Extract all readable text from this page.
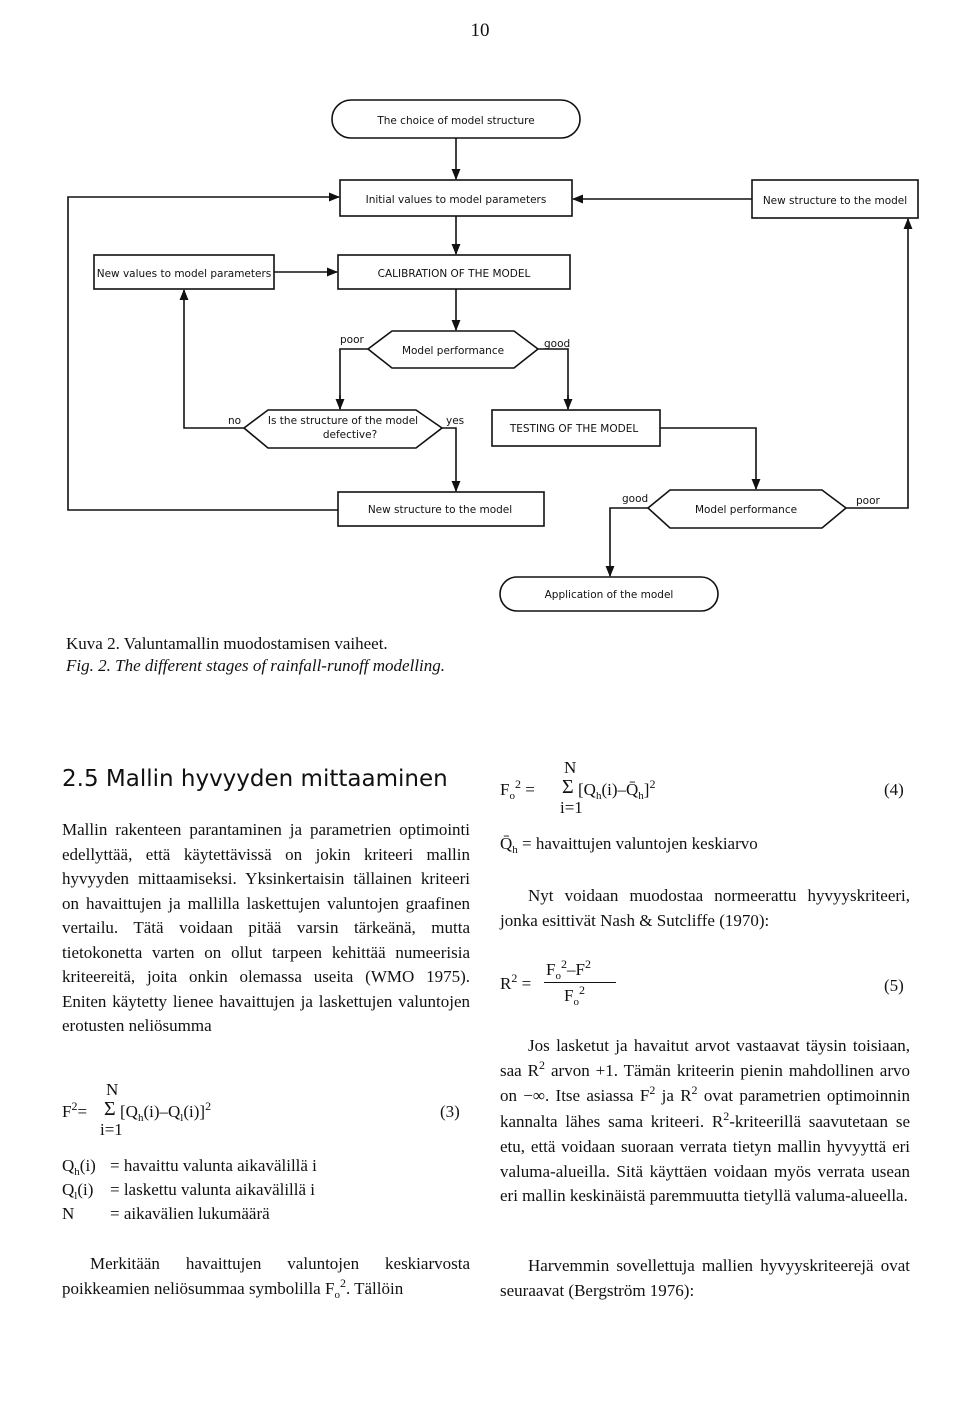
10
The choice of model structure
Initial values to model parameters	New structure to the model
New values to model parameters	CALIBRATION OF THE MODEL
Model performance
poor	good
no	Is the structure of the model
defective?
yes
TESTING OF THE MODEL
New structure to the model
good
Model performance
poor
Application of the model
Kuva 2. Valuntamallin muodostamisen vaiheet.
Fig. 2. The different stages of rainfall-runoff modelling.
2.5 Mallin hyvyyden mittaaminen
Mallin rakenteen parantaminen ja parametrien optimointi edellyttää, että käytettävissä on jokin kriteeri mallin hyvyyden mittaamiseksi. Yksinkertaisin tällainen kriteeri on havaittujen ja mallilla laskettujen valuntojen graafinen vertailu. Tätä voidaan pitää varsin tärkeänä, mutta tietokonetta varten on ollut tarpeen kehittää numeerisia kriteereitä, joita onkin olemassa useita (WMO 1975). Eniten käytetty lienee havaittujen ja laskettujen valuntojen erotusten neliösumma
N
$F^2= \Sigma$ $[Q_h(i)-Q_l(i)]^2$
i=1
(3)
$Q_h(i)$ = havaittu valunta aikavälillä i
$Q_l(i)$ = laskettu valunta aikavälillä i
N = aikavälien lukumäärä
Merkitään havaittujen valuntojen keskiarvosta poikkeamien neliösummaa symbolilla $F_o^2$. Tällöin
N
$F_o^2 = \Sigma$ $[Q_h(i)-Q̄_h]^2$
i=1
(4)
$Q̄_h$ = havaittujen valuntojen keskiarvo
Nyt voidaan muodostaa normeerattu hyvyyskriteeri, jonka esittivät Nash & Sutcliffe (1970):
$R^2$ =
$F_o^2-F^2$
$F_o^2$	(5)
Jos lasketut ja havaitut arvot vastaavat täysin toisiaan, saa $R^2$ arvon +1. Tämän kriteerin pienin mahdollinen arvo on −∞. Itse asiassa $F^2$ ja $R^2$ ovat parametrien optimoinnin kannalta lähes sama kriteeri. $R^2$-kriteerillä saavutetaan se etu, että voidaan suoraan verrata tietyn mallin hyvyyttä eri valuma-alueilla. Sitä käyttäen voidaan myös verrata usean eri mallin keskinäistä paremmuutta tietyllä valuma-alueella.
Harvemmin sovellettuja mallien hyvyyskriteerejä ovat seuraavat (Bergström 1976):
